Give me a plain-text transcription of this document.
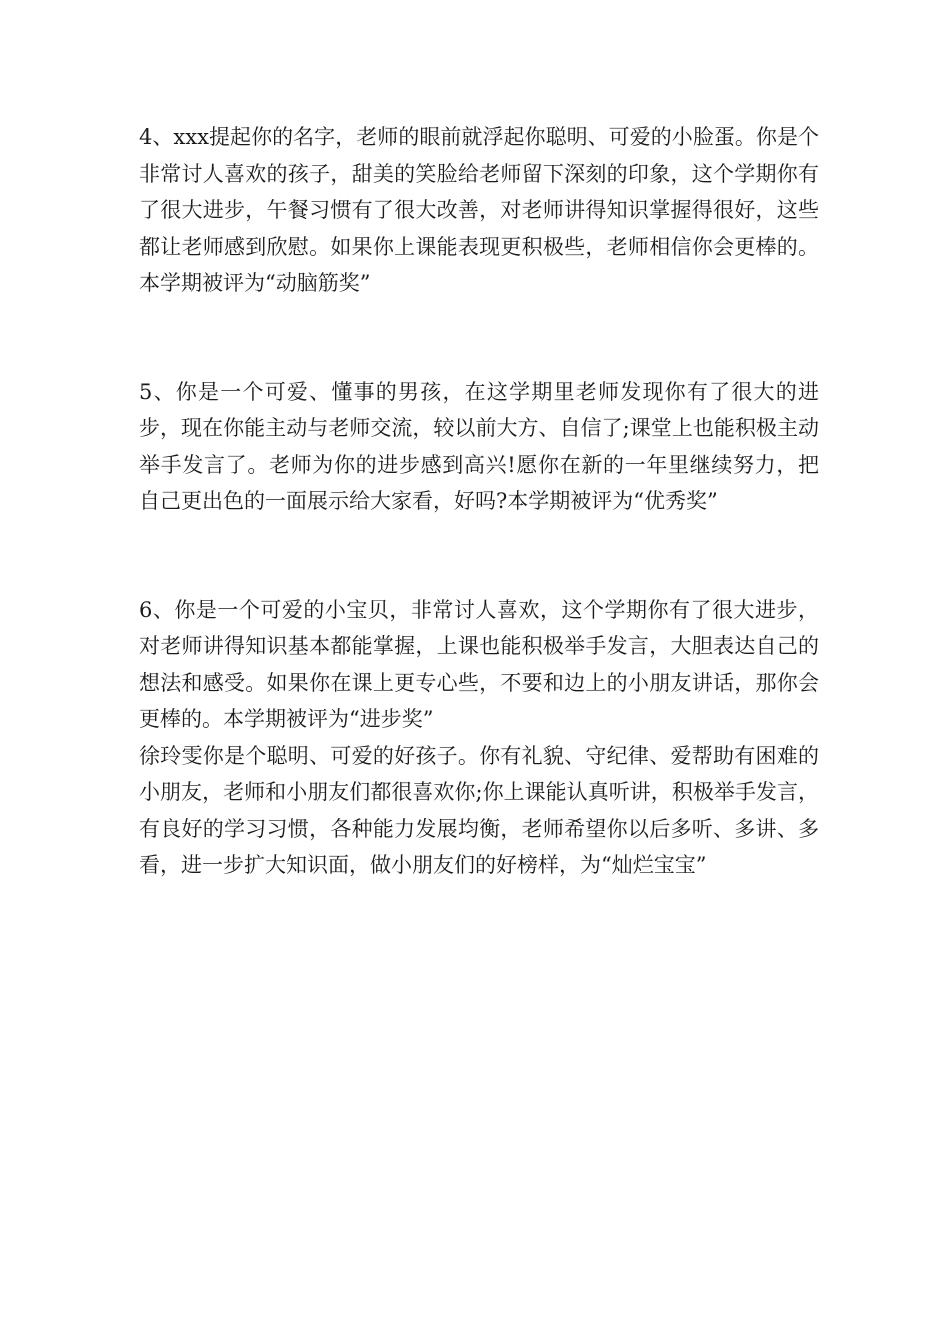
4、xxx提起你的名字，老师的眼前就浮起你聪明、可爱的小脸蛋。你是个非常讨人喜欢的孩子，甜美的笑脸给老师留下深刻的印象，这个学期你有了很大进步，午餐习惯有了很大改善，对老师讲得知识掌握得很好，这些都让老师感到欣慰。如果你上课能表现更积极些，老师相信你会更棒的。本学期被评为“动脑筋奖”

5、你是一个可爱、懂事的男孩，在这学期里老师发现你有了很大的进步，现在你能主动与老师交流，较以前大方、自信了;课堂上也能积极主动举手发言了。老师为你的进步感到高兴!愿你在新的一年里继续努力，把自己更出色的一面展示给大家看，好吗?本学期被评为“优秀奖”

6、你是一个可爱的小宝贝，非常讨人喜欢，这个学期你有了很大进步，对老师讲得知识基本都能掌握，上课也能积极举手发言，大胆表达自己的想法和感受。如果你在课上更专心些，不要和边上的小朋友讲话，那你会更棒的。本学期被评为“进步奖”

徐玲雯你是个聪明、可爱的好孩子。你有礼貌、守纪律、爱帮助有困难的小朋友，老师和小朋友们都很喜欢你;你上课能认真听讲，积极举手发言，有良好的学习习惯，各种能力发展均衡，老师希望你以后多听、多讲、多看，进一步扩大知识面，做小朋友们的好榜样，为“灿烂宝宝”
